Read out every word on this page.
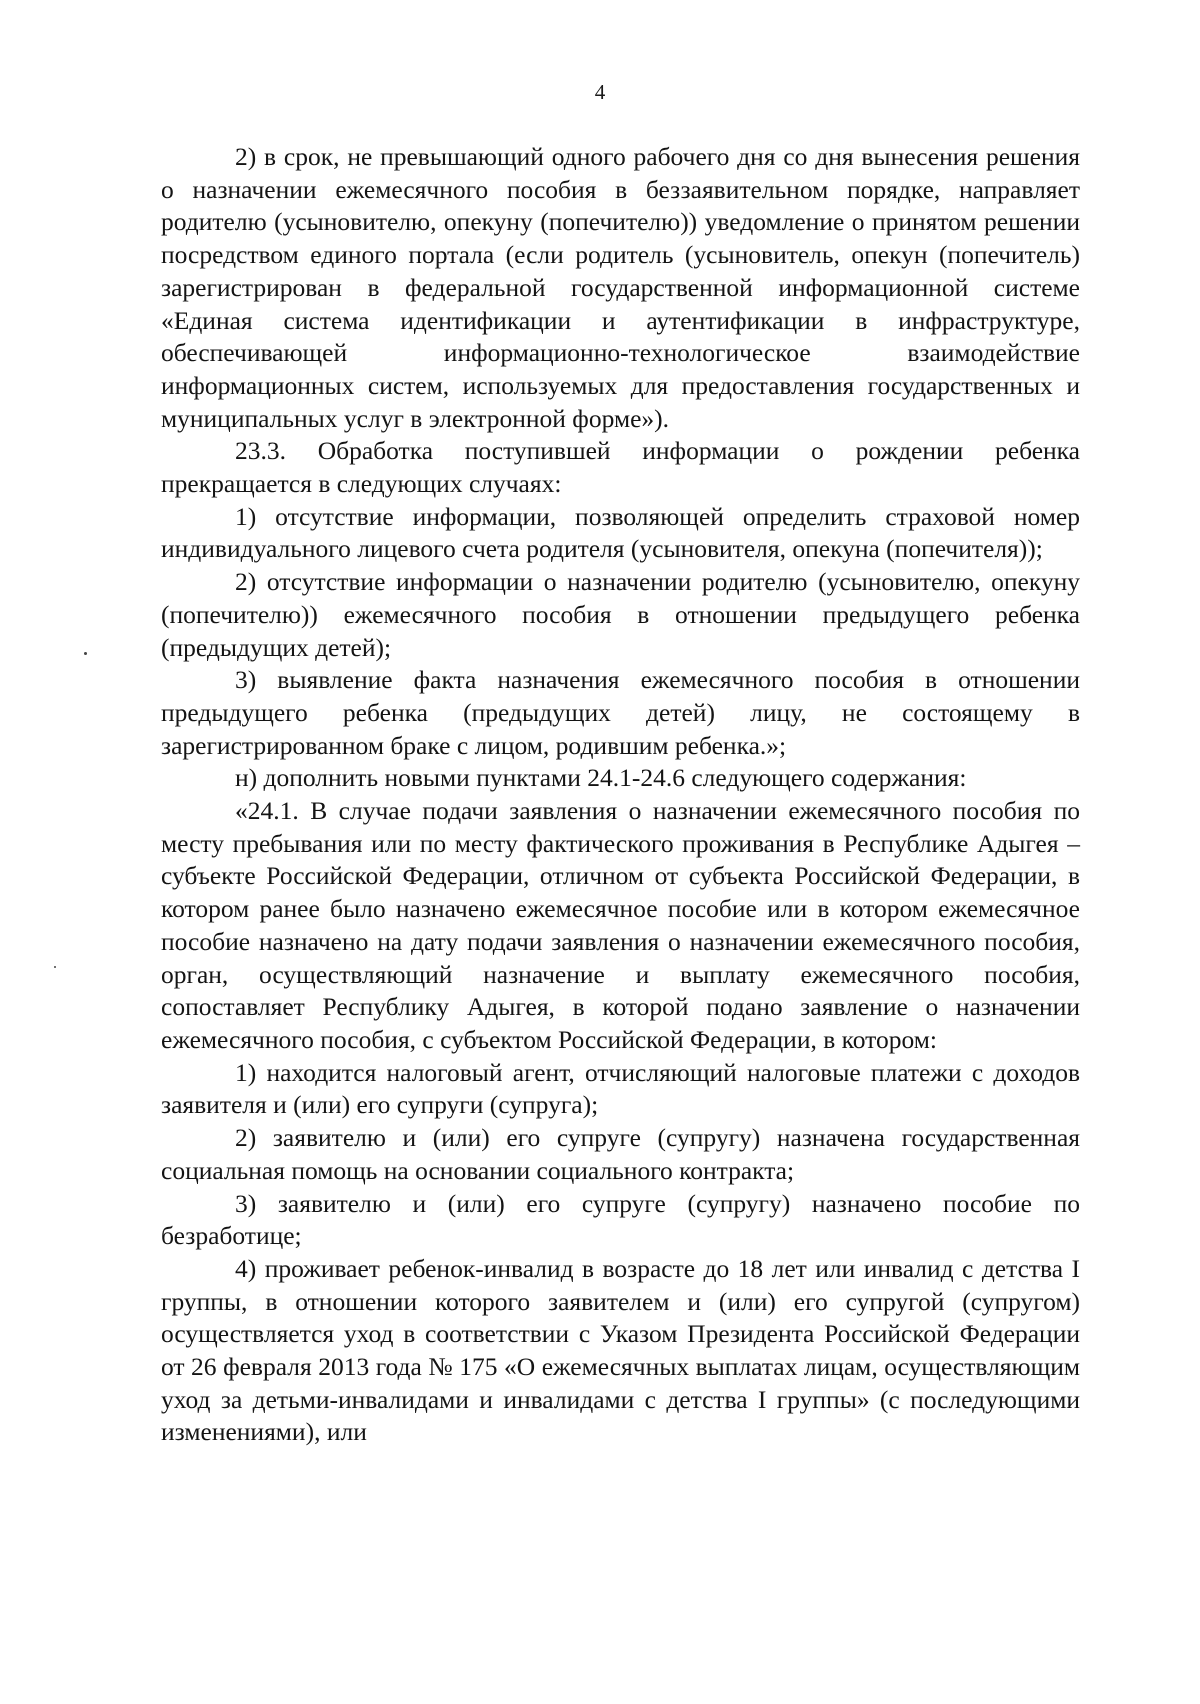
4

2) в срок, не превышающий одного рабочего дня со дня вынесения решения о назначении ежемесячного пособия в беззаявительном порядке, направляет родителю (усыновителю, опекуну (попечителю)) уведомление о принятом решении посредством единого портала (если родитель (усыновитель, опекун (попечитель) зарегистрирован в федеральной государственной информационной системе «Единая система идентификации и аутентификации в инфраструктуре, обеспечивающей информационно-технологическое взаимодействие информационных систем, используемых для предоставления государственных и муниципальных услуг в электронной форме»).

23.3. Обработка поступившей информации о рождении ребенка прекращается в следующих случаях:

1) отсутствие информации, позволяющей определить страховой номер индивидуального лицевого счета родителя (усыновителя, опекуна (попечителя));

2) отсутствие информации о назначении родителю (усыновителю, опекуну (попечителю)) ежемесячного пособия в отношении предыдущего ребенка (предыдущих детей);

3) выявление факта назначения ежемесячного пособия в отношении предыдущего ребенка (предыдущих детей) лицу, не состоящему в зарегистрированном браке с лицом, родившим ребенка.»;

н) дополнить новыми пунктами 24.1-24.6 следующего содержания:

«24.1. В случае подачи заявления о назначении ежемесячного пособия по месту пребывания или по месту фактического проживания в Республике Адыгея – субъекте Российской Федерации, отличном от субъекта Российской Федерации, в котором ранее было назначено ежемесячное пособие или в котором ежемесячное пособие назначено на дату подачи заявления о назначении ежемесячного пособия, орган, осуществляющий назначение и выплату ежемесячного пособия, сопоставляет Республику Адыгея, в которой подано заявление о назначении ежемесячного пособия, с субъектом Российской Федерации, в котором:

1) находится налоговый агент, отчисляющий налоговые платежи с доходов заявителя и (или) его супруги (супруга);

2) заявителю и (или) его супруге (супругу) назначена государственная социальная помощь на основании социального контракта;

3) заявителю и (или) его супруге (супругу) назначено пособие по безработице;

4) проживает ребенок-инвалид в возрасте до 18 лет или инвалид с детства I группы, в отношении которого заявителем и (или) его супругой (супругом) осуществляется уход в соответствии с Указом Президента Российской Федерации от 26 февраля 2013 года № 175 «О ежемесячных выплатах лицам, осуществляющим уход за детьми-инвалидами и инвалидами с детства I группы» (с последующими изменениями), или
